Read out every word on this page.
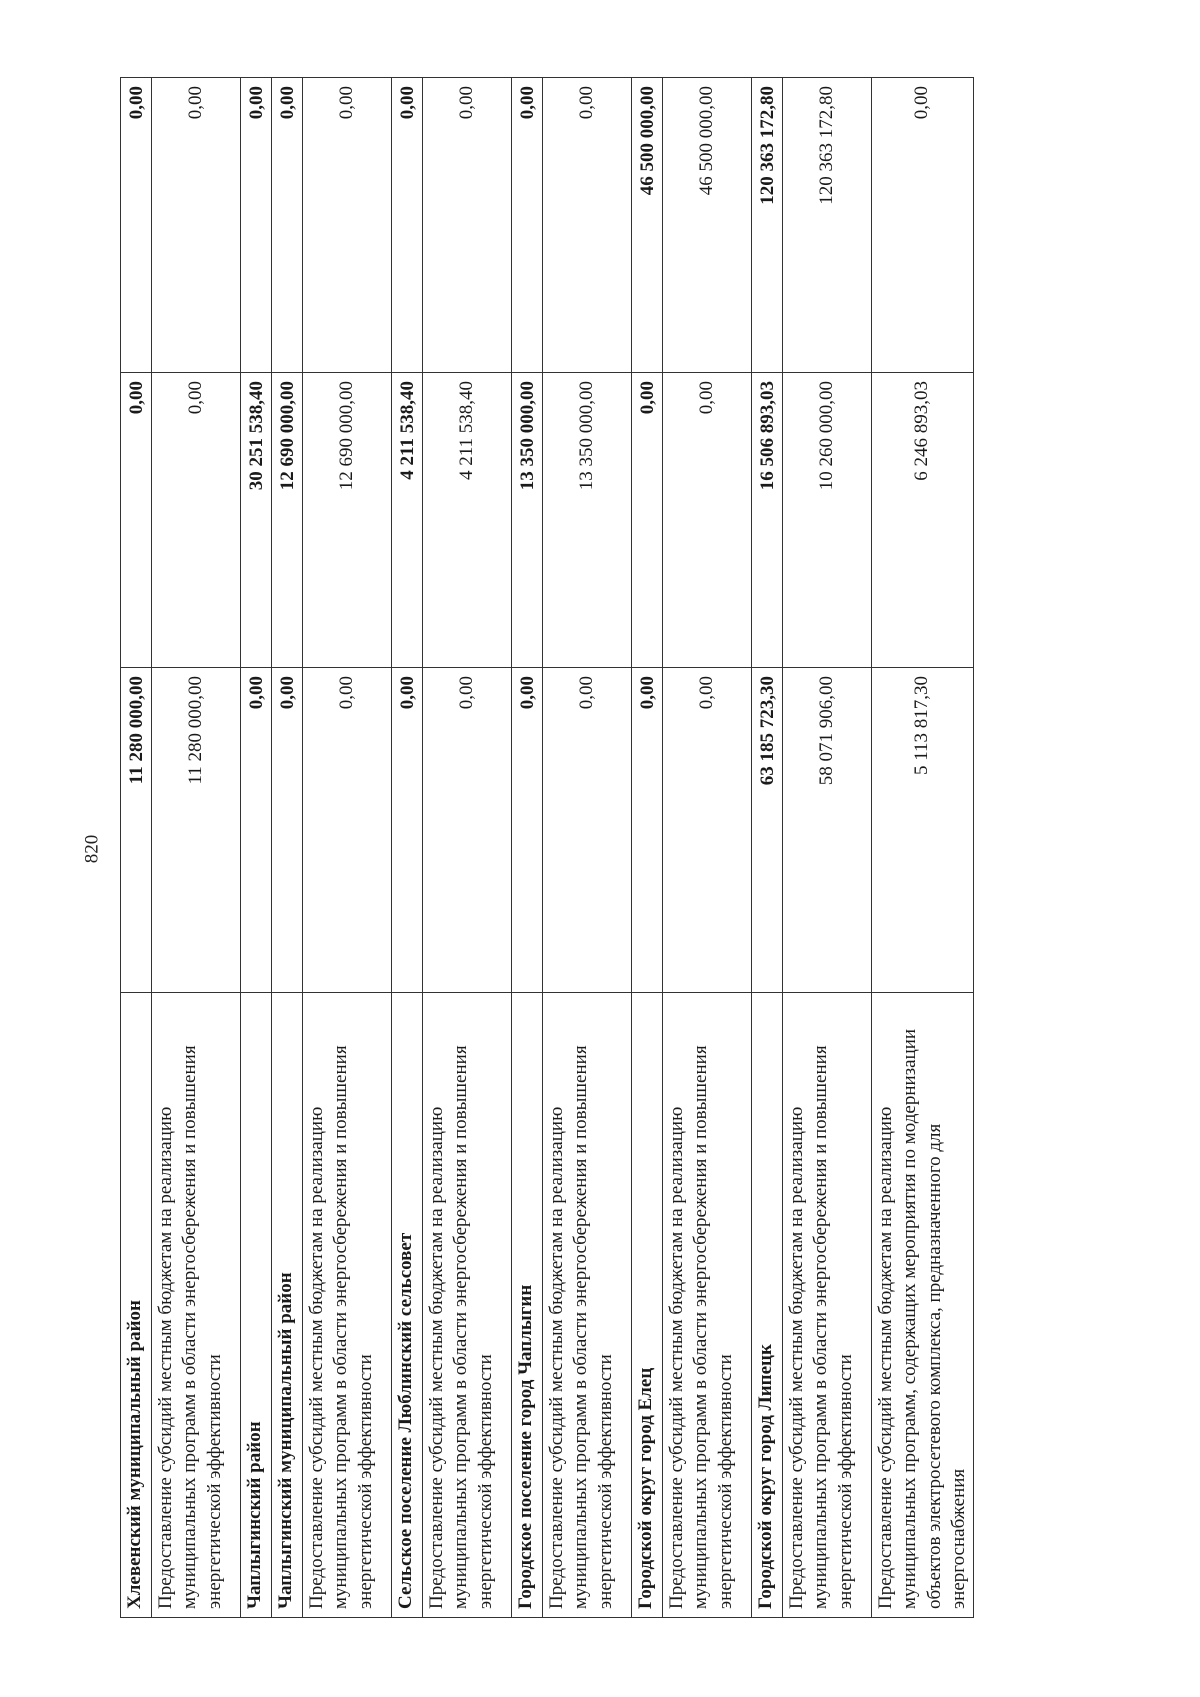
820
Хлевенский муниципальный район	11 280 000,00	0,00	0,00
Предоставление субсидий местным бюджетам на реализацию муниципальных программ в области энергосбережения и повышения энергетической эффективности	11 280 000,00	0,00	0,00
Чаплыгинский район	0,00	30 251 538,40	0,00
Чаплыгинский муниципальный район	0,00	12 690 000,00	0,00
Предоставление субсидий местным бюджетам на реализацию муниципальных программ в области энергосбережения и повышения энергетической эффективности	0,00	12 690 000,00	0,00
Сельское поселение Люблинский сельсовет	0,00	4 211 538,40	0,00
Предоставление субсидий местным бюджетам на реализацию муниципальных программ в области энергосбережения и повышения энергетической эффективности	0,00	4 211 538,40	0,00
Городское поселение город Чаплыгин	0,00	13 350 000,00	0,00
Предоставление субсидий местным бюджетам на реализацию муниципальных программ в области энергосбережения и повышения энергетической эффективности	0,00	13 350 000,00	0,00
Городской округ город Елец	0,00	0,00	46 500 000,00
Предоставление субсидий местным бюджетам на реализацию муниципальных программ в области энергосбережения и повышения энергетической эффективности	0,00	0,00	46 500 000,00
Городской округ город Липецк	63 185 723,30	16 506 893,03	120 363 172,80
Предоставление субсидий местным бюджетам на реализацию муниципальных программ в области энергосбережения и повышения энергетической эффективности	58 071 906,00	10 260 000,00	120 363 172,80
Предоставление субсидий местным бюджетам на реализацию муниципальных программ, содержащих мероприятия по модернизации объектов электросетевого комплекса, предназначенного для энергоснабжения	5 113 817,30	6 246 893,03	0,00
